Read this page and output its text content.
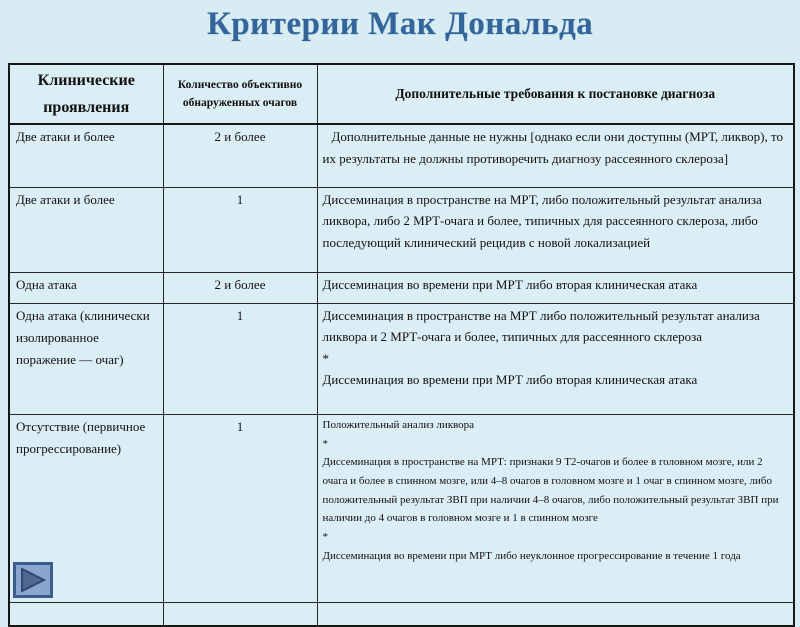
Критерии Мак Дональда
Клинические проявления	Количество объективно обнаруженных очагов	Дополнительные требования к постановке диагноза
Две атаки и более	2 и более	Дополнительные данные не нужны [однако если они доступны (МРТ, ликвор), то их результаты не должны противоречить диагнозу рассеянного склероза]

Две атаки и более	1	Диссеминация в пространстве на МРТ, либо положительный результат анализа ликвора, либо 2 МРТ-очага и более, типичных для рассеянного склероза, либо последующий клинический рецидив с новой локализацией

Одна атака	2 и более	Диссеминация во времени при МРТ либо вторая клиническая атака

Одна атака (клинически изолированное поражение — очаг)	1	Диссеминация в пространстве на МРТ либо положительный результат анализа ликвора и 2 МРТ-очага и более, типичных для рассеянного склероза

*

Диссеминация во времени при МРТ либо вторая клиническая атака

Отсутствие (первичное прогрессирование)	1	Положительный анализ ликвора

*

Диссеминация в пространстве на МРТ: признаки 9 Т2-очагов и более в головном мозге, или 2 очага и более в спинном мозге, или 4–8 очагов в головном мозге и 1 очаг в спинном мозге, либо положительный результат ЗВП при наличии 4–8 очагов, либо положительный результат ЗВП при наличии до 4 очагов в головном мозге и 1 в спинном мозге

*

Диссеминация во времени при МРТ либо неуклонное прогрессирование в течение 1 года
